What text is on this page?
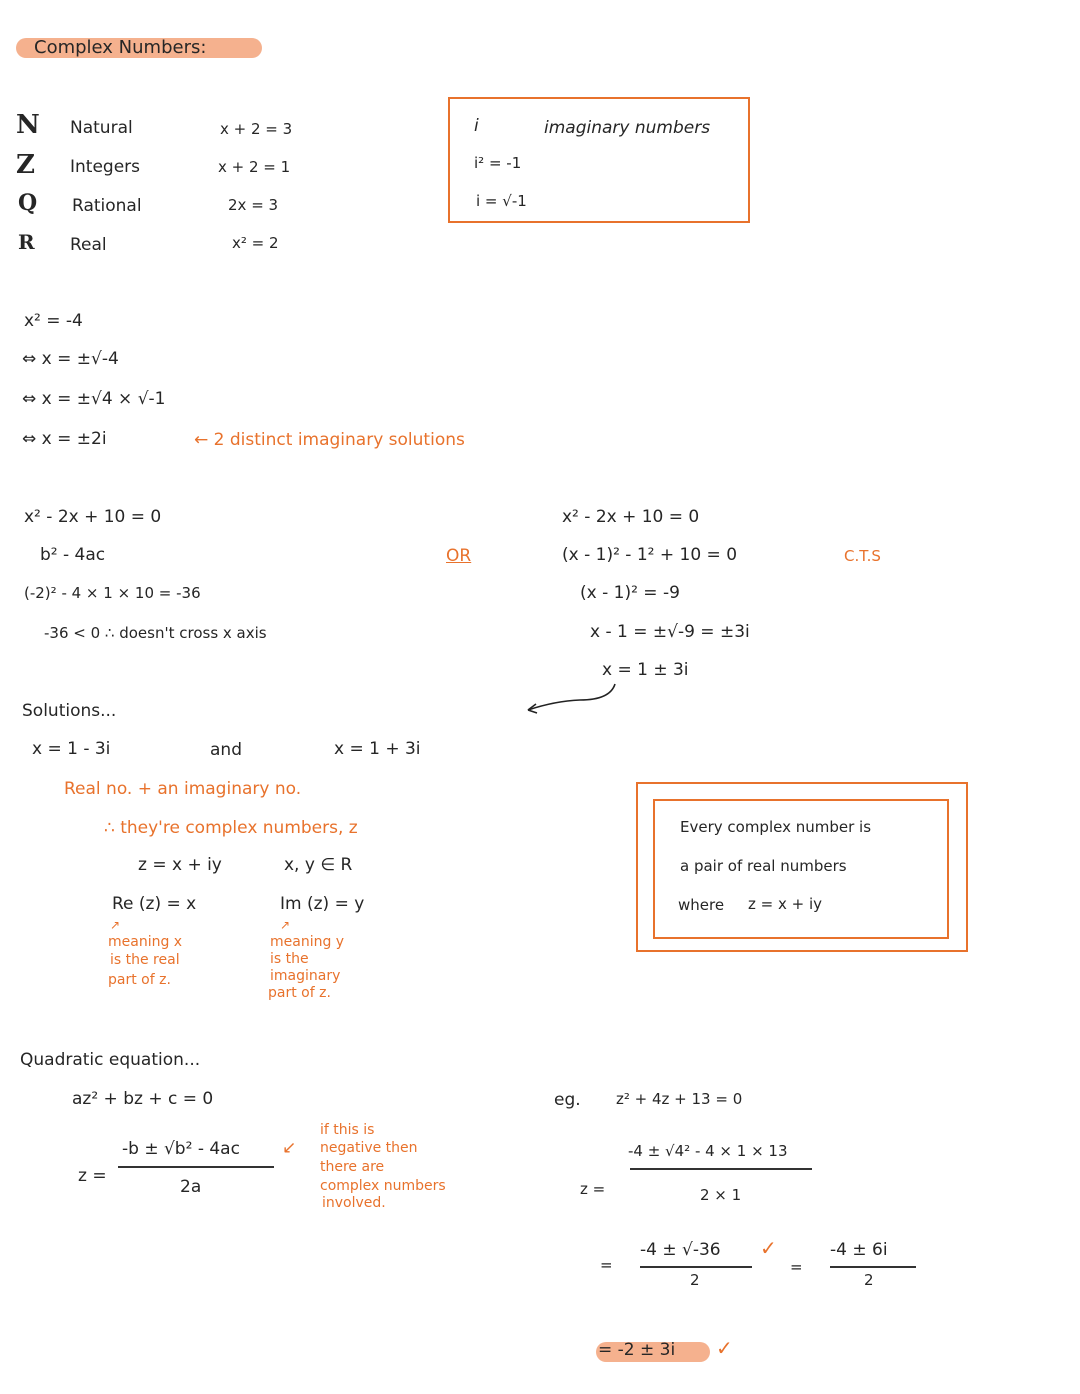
Complex Numbers:
N Natural	x + 2 = 3
Z Integers	x + 2 = 1
Q Rational	2x = 3
R Real	x² = 2
i	imaginary numbers
i² = -1
i = √-1
x² = -4
⇔ x = ±√-4
⇔ x = ±√4 × √-1
⇔ x = ±2i	← 2 distinct imaginary solutions
x² - 2x + 10 = 0
b² - 4ac
(-2)² - 4 × 1 × 10 = -36
-36 < 0 ∴ doesn't cross x axis
OR
x² - 2x + 10 = 0
(x - 1)² - 1² + 10 = 0	C.T.S
(x - 1)² = -9
x - 1 = ±√-9 = ±3i
x = 1 ± 3i
Solutions...
x = 1 - 3i	and	x = 1 + 3i
Real no. + an imaginary no.
∴ they're complex numbers, z
z = x + iy	x, y ∈ R
Re (z) = x	Im (z) = y
↗
meaning x
is the real
part of z.
↗
meaning y
is the
imaginary
part of z.
Every complex number is
a pair of real numbers
where z = x + iy
Quadratic equation...
az² + bz + c = 0
-b ± √b² - 4ac
z =
2a
↙
if this is
negative then
there are
complex numbers
involved.
eg. z² + 4z + 13 = 0
-4 ± √4² - 4 × 1 × 13
z =	2 × 1
=
-4 ± √-36
2
✓
=
-4 ± 6i
2
= -2 ± 3i ✓
